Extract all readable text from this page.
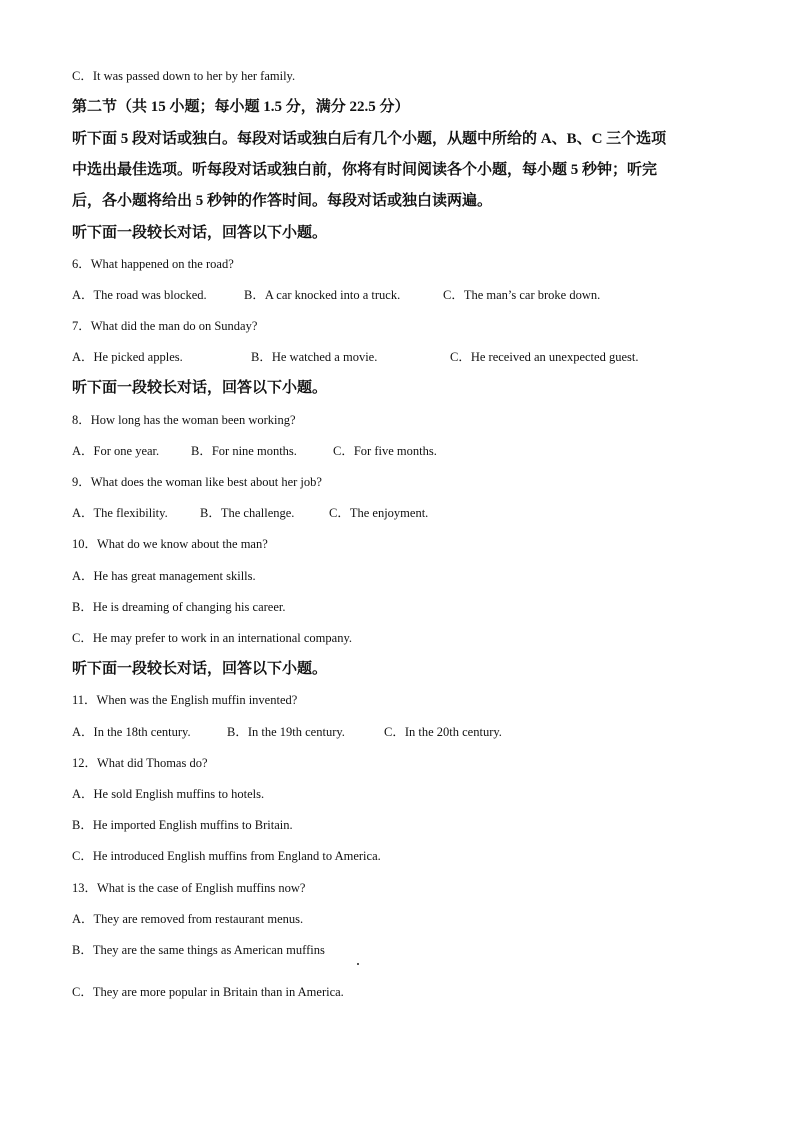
C．It was passed down to her by her family.
第二节（共 15 小题；每小题 1.5 分，满分 22.5 分）
听下面 5 段对话或独白。每段对话或独白后有几个小题，从题中所给的 A、B、C 三个选项
中选出最佳选项。听每段对话或独白前，你将有时间阅读各个小题，每小题 5 秒钟；听完
后，各小题将给出 5 秒钟的作答时间。每段对话或独白读两遍。
听下面一段较长对话，回答以下小题。
6．What happened on the road?
A．The road was blocked.	B．A car knocked into a truck.	C．The man’s car broke down.
7．What did the man do on Sunday?
A．He picked apples.	B．He watched a movie.	C．He received an unexpected guest.
听下面一段较长对话，回答以下小题。
8．How long has the woman been working?
A．For one year.	B．For nine months.	C．For five months.
9．What does the woman like best about her job?
A．The flexibility.	B．The challenge.	C．The enjoyment.
10．What do we know about the man?
A．He has great management skills.
B．He is dreaming of changing his career.
C．He may prefer to work in an international company.
听下面一段较长对话，回答以下小题。
11．When was the English muffin invented?
A．In the 18th century.	B．In the 19th century.	C．In the 20th century.
12．What did Thomas do?
A．He sold English muffins to hotels.
B．He imported English muffins to Britain.
C．He introduced English muffins from England to America.
13．What is the case of English muffins now?
A．They are removed from restaurant menus.
B．They are the same things as American muffins
C．They are more popular in Britain than in America.
